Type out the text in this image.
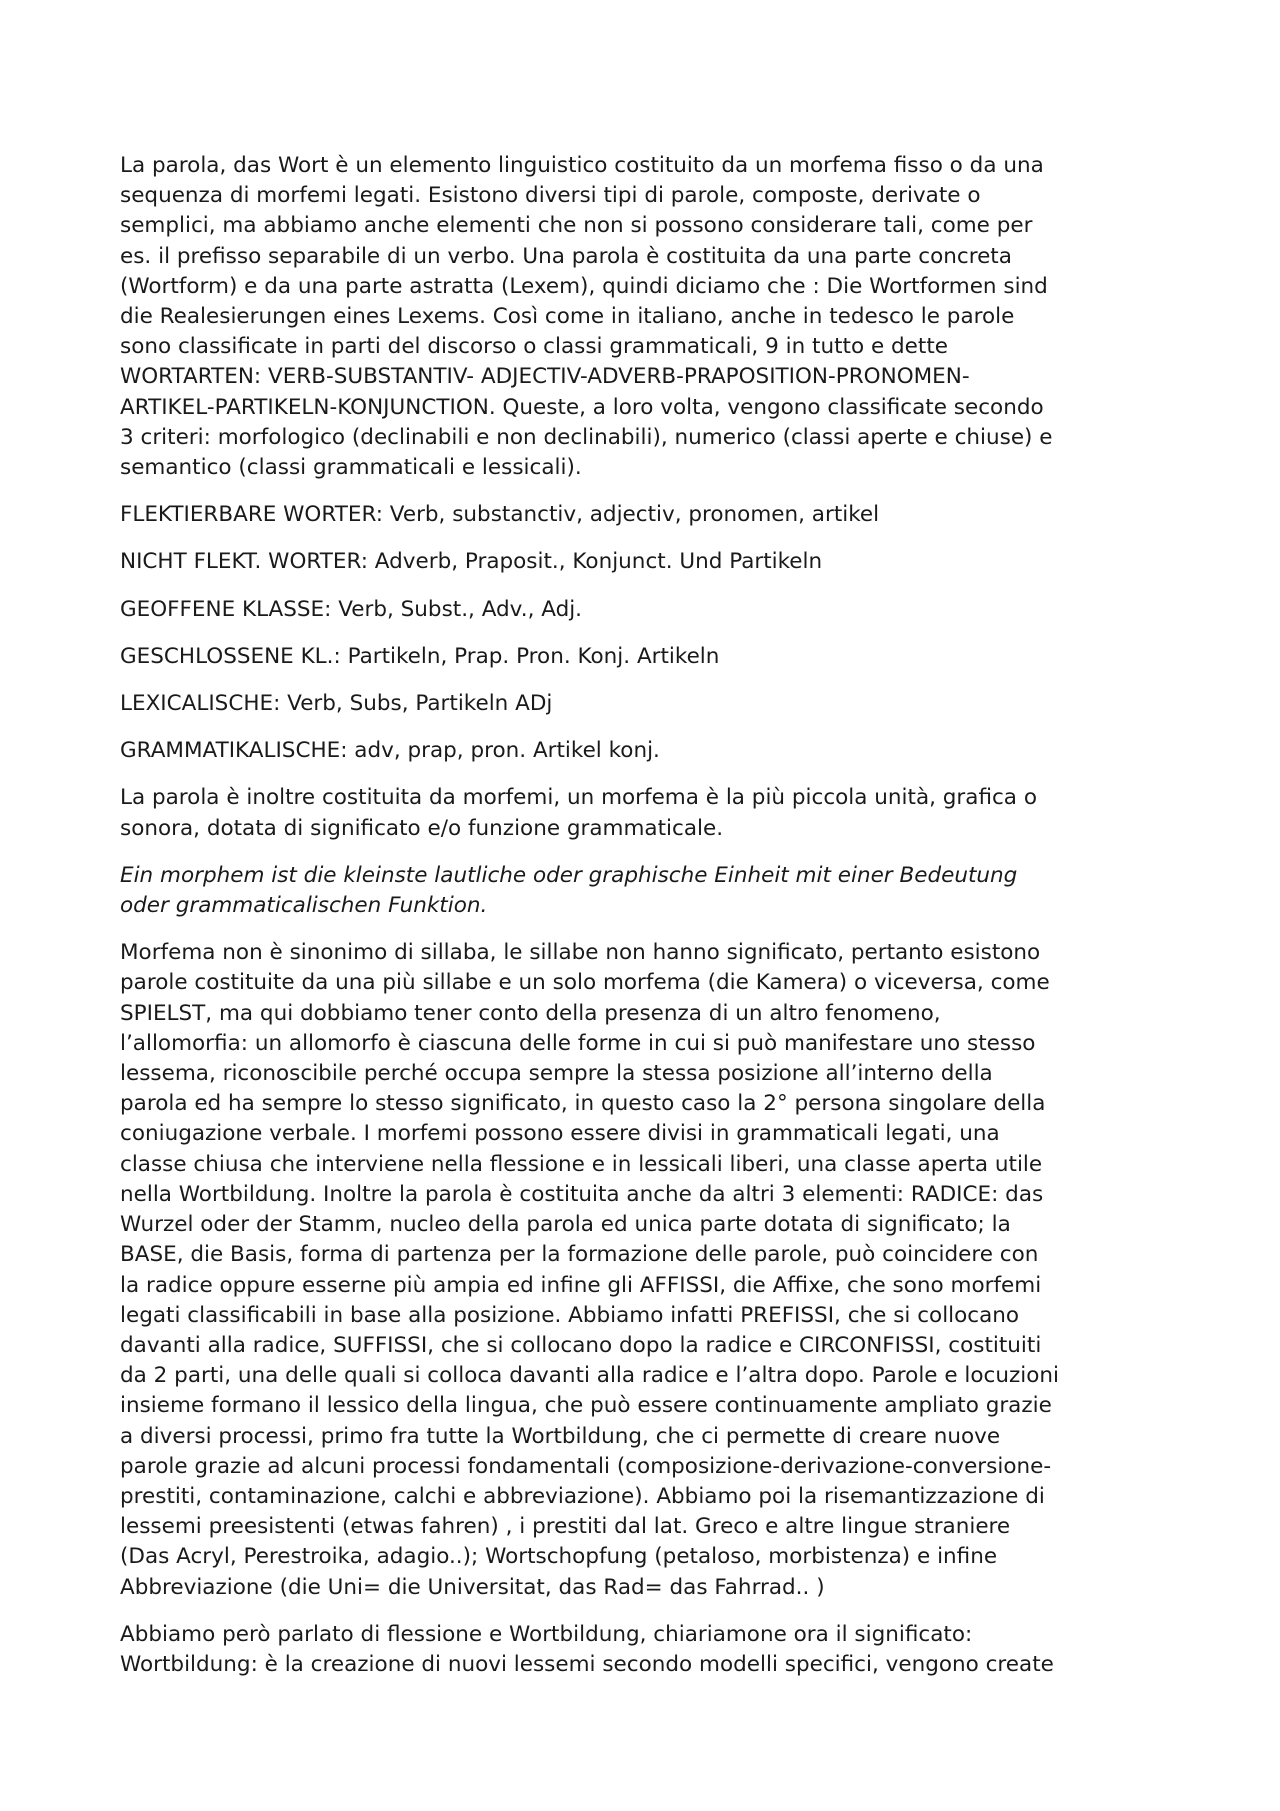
La parola, das Wort è un elemento linguistico costituito da un morfema fisso o da una
sequenza di morfemi legati. Esistono diversi tipi di parole, composte, derivate o
semplici, ma abbiamo anche elementi che non si possono considerare tali, come per
es. il prefisso separabile di un verbo. Una parola è costituita da una parte concreta
(Wortform) e da una parte astratta (Lexem), quindi diciamo che : Die Wortformen sind
die Realesierungen eines Lexems. Così come in italiano, anche in tedesco le parole
sono classificate in parti del discorso o classi grammaticali, 9 in tutto e dette
WORTARTEN: VERB-SUBSTANTIV- ADJECTIV-ADVERB-PRAPOSITION-PRONOMEN-
ARTIKEL-PARTIKELN-KONJUNCTION. Queste, a loro volta, vengono classificate secondo
3 criteri: morfologico (declinabili e non declinabili), numerico (classi aperte e chiuse) e
semantico (classi grammaticali e lessicali).

FLEKTIERBARE WORTER: Verb, substanctiv, adjectiv, pronomen, artikel

NICHT FLEKT. WORTER: Adverb, Praposit., Konjunct. Und Partikeln

GEOFFENE KLASSE: Verb, Subst., Adv., Adj.

GESCHLOSSENE KL.: Partikeln, Prap. Pron. Konj. Artikeln

LEXICALISCHE: Verb, Subs, Partikeln ADj

GRAMMATIKALISCHE: adv, prap, pron. Artikel konj.

La parola è inoltre costituita da morfemi, un morfema è la più piccola unità, grafica o
sonora, dotata di significato e/o funzione grammaticale.

Ein morphem ist die kleinste lautliche oder graphische Einheit mit einer Bedeutung
oder grammaticalischen Funktion.

Morfema non è sinonimo di sillaba, le sillabe non hanno significato, pertanto esistono
parole costituite da una più sillabe e un solo morfema (die Kamera) o viceversa, come
SPIELST, ma qui dobbiamo tener conto della presenza di un altro fenomeno,
l’allomorfia: un allomorfo è ciascuna delle forme in cui si può manifestare uno stesso
lessema, riconoscibile perché occupa sempre la stessa posizione all’interno della
parola ed ha sempre lo stesso significato, in questo caso la 2° persona singolare della
coniugazione verbale. I morfemi possono essere divisi in grammaticali legati, una
classe chiusa che interviene nella flessione e in lessicali liberi, una classe aperta utile
nella Wortbildung. Inoltre la parola è costituita anche da altri 3 elementi: RADICE: das
Wurzel oder der Stamm, nucleo della parola ed unica parte dotata di significato; la
BASE, die Basis, forma di partenza per la formazione delle parole, può coincidere con
la radice oppure esserne più ampia ed infine gli AFFISSI, die Affixe, che sono morfemi
legati classificabili in base alla posizione. Abbiamo infatti PREFISSI, che si collocano
davanti alla radice, SUFFISSI, che si collocano dopo la radice e CIRCONFISSI, costituiti
da 2 parti, una delle quali si colloca davanti alla radice e l’altra dopo. Parole e locuzioni
insieme formano il lessico della lingua, che può essere continuamente ampliato grazie
a diversi processi, primo fra tutte la Wortbildung, che ci permette di creare nuove
parole grazie ad alcuni processi fondamentali (composizione-derivazione-conversione-
prestiti, contaminazione, calchi e abbreviazione). Abbiamo poi la risemantizzazione di
lessemi preesistenti (etwas fahren) , i prestiti dal lat. Greco e altre lingue straniere
(Das Acryl, Perestroika, adagio..); Wortschopfung (petaloso, morbistenza) e infine
Abbreviazione (die Uni= die Universitat, das Rad= das Fahrrad.. )

Abbiamo però parlato di flessione e Wortbildung, chiariamone ora il significato:
Wortbildung: è la creazione di nuovi lessemi secondo modelli specifici, vengono create
